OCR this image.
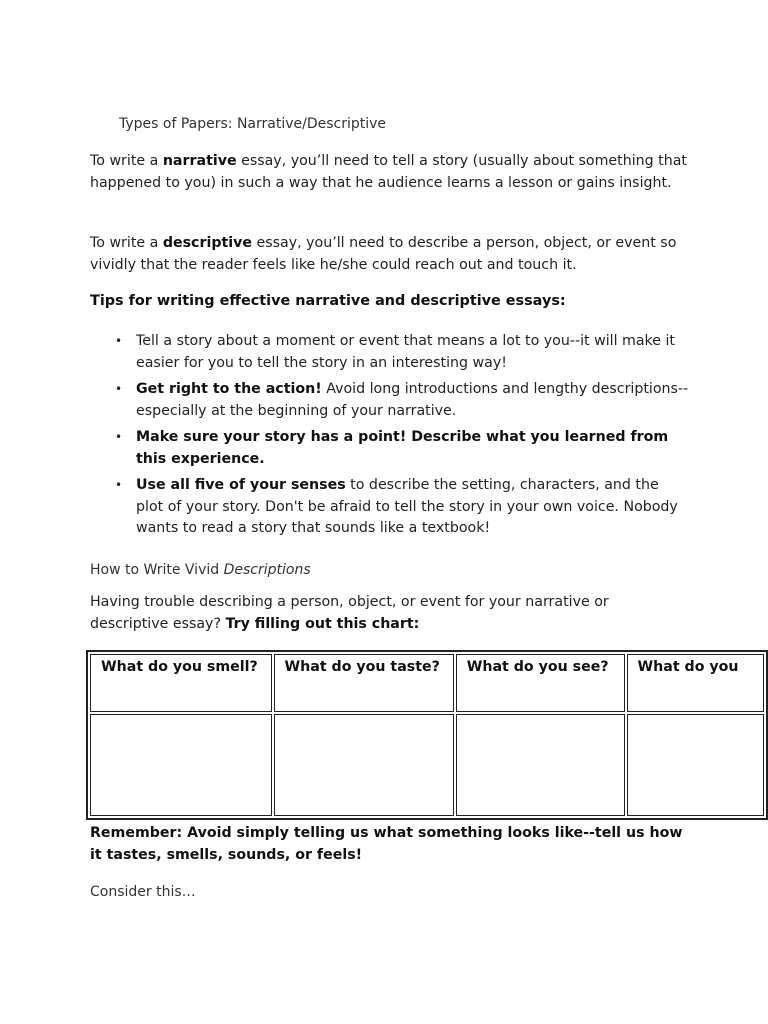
Types of Papers: Narrative/Descriptive
To write a narrative essay, you’ll need to tell a story (usually about something that happened to you) in such a way that he audience learns a lesson or gains insight.
To write a descriptive essay, you’ll need to describe a person, object, or event so vividly that the reader feels like he/she could reach out and touch it.
Tips for writing effective narrative and descriptive essays:
• Tell a story about a moment or event that means a lot to you--it will make it easier for you to tell the story in an interesting way!
• Get right to the action! Avoid long introductions and lengthy descriptions--especially at the beginning of your narrative.
• Make sure your story has a point! Describe what you learned from this experience.
• Use all five of your senses to describe the setting, characters, and the plot of your story. Don't be afraid to tell the story in your own voice. Nobody wants to read a story that sounds like a textbook!
How to Write Vivid Descriptions
Having trouble describing a person, object, or event for your narrative or descriptive essay? Try filling out this chart:
What do you smell?	What do you taste?	What do you see?	What do you

Remember: Avoid simply telling us what something looks like--tell us how it tastes, smells, sounds, or feels!
Consider this…
